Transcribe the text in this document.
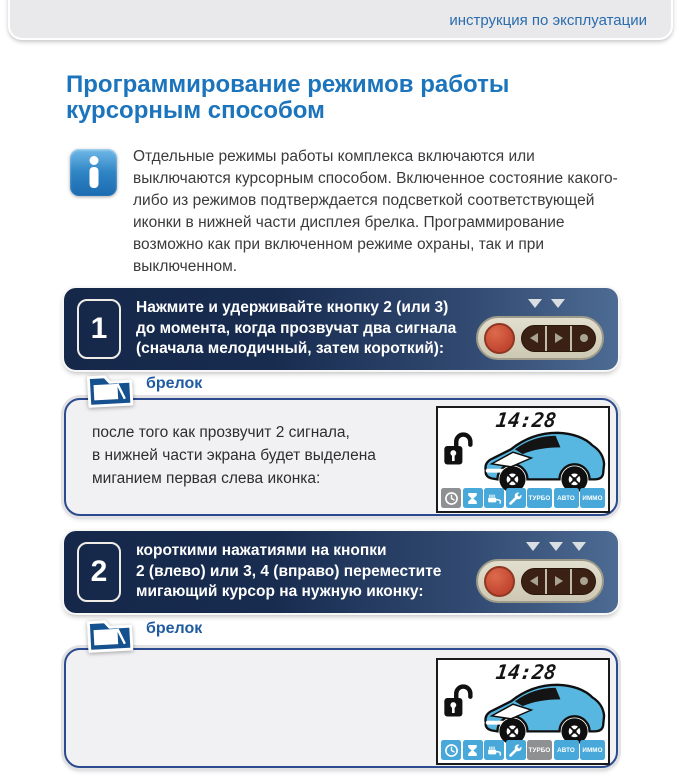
инструкция по эксплуатации
Программирование режимов работы
курсорным способом
Отдельные режимы работы комплекса включаются или выключаются курсорным способом. Включенное состояние какого-либо из режимов подтверждается подсветкой соответствующей иконки в нижней части дисплея брелка. Программирование возможно как при включенном режиме охраны, так и при выключенном.
1
Нажмите и удерживайте кнопку 2 (или 3)
до момента, когда прозвучат два сигнала
(сначала мелодичный, затем короткий):
брелок
после того как прозвучит 2 сигнала,
в нижней части экрана будет выделена
миганием первая слева иконка:
14:28
ТУРБО	АВТО	ИММО
2
короткими нажатиями на кнопки
2 (влево) или 3, 4 (вправо) переместите
мигающий курсор на нужную иконку:
брелок
14:28
ТУРБО	АВТО	ИММО
